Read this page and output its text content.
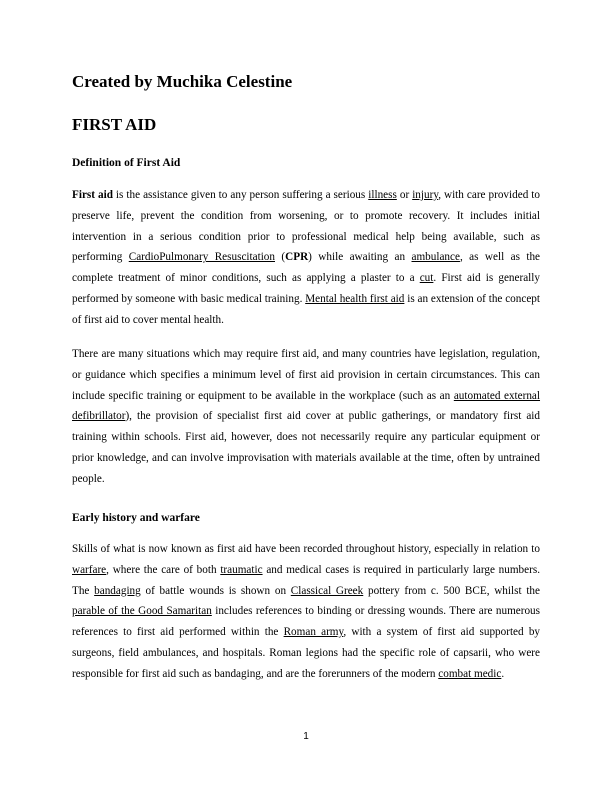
Created by Muchika Celestine
FIRST AID
Definition of First Aid

First aid is the assistance given to any person suffering a serious illness or injury, with care provided to preserve life, prevent the condition from worsening, or to promote recovery. It includes initial intervention in a serious condition prior to professional medical help being available, such as performing CardioPulmonary Resuscitation (CPR) while awaiting an ambulance, as well as the complete treatment of minor conditions, such as applying a plaster to a cut. First aid is generally performed by someone with basic medical training. Mental health first aid is an extension of the concept of first aid to cover mental health.

There are many situations which may require first aid, and many countries have legislation, regulation, or guidance which specifies a minimum level of first aid provision in certain circumstances. This can include specific training or equipment to be available in the workplace (such as an automated external defibrillator), the provision of specialist first aid cover at public gatherings, or mandatory first aid training within schools. First aid, however, does not necessarily require any particular equipment or prior knowledge, and can involve improvisation with materials available at the time, often by untrained people.

Early history and warfare

Skills of what is now known as first aid have been recorded throughout history, especially in relation to warfare, where the care of both traumatic and medical cases is required in particularly large numbers. The bandaging of battle wounds is shown on Classical Greek pottery from c. 500 BCE, whilst the parable of the Good Samaritan includes references to binding or dressing wounds. There are numerous references to first aid performed within the Roman army, with a system of first aid supported by surgeons, field ambulances, and hospitals. Roman legions had the specific role of capsarii, who were responsible for first aid such as bandaging, and are the forerunners of the modern combat medic.

1
